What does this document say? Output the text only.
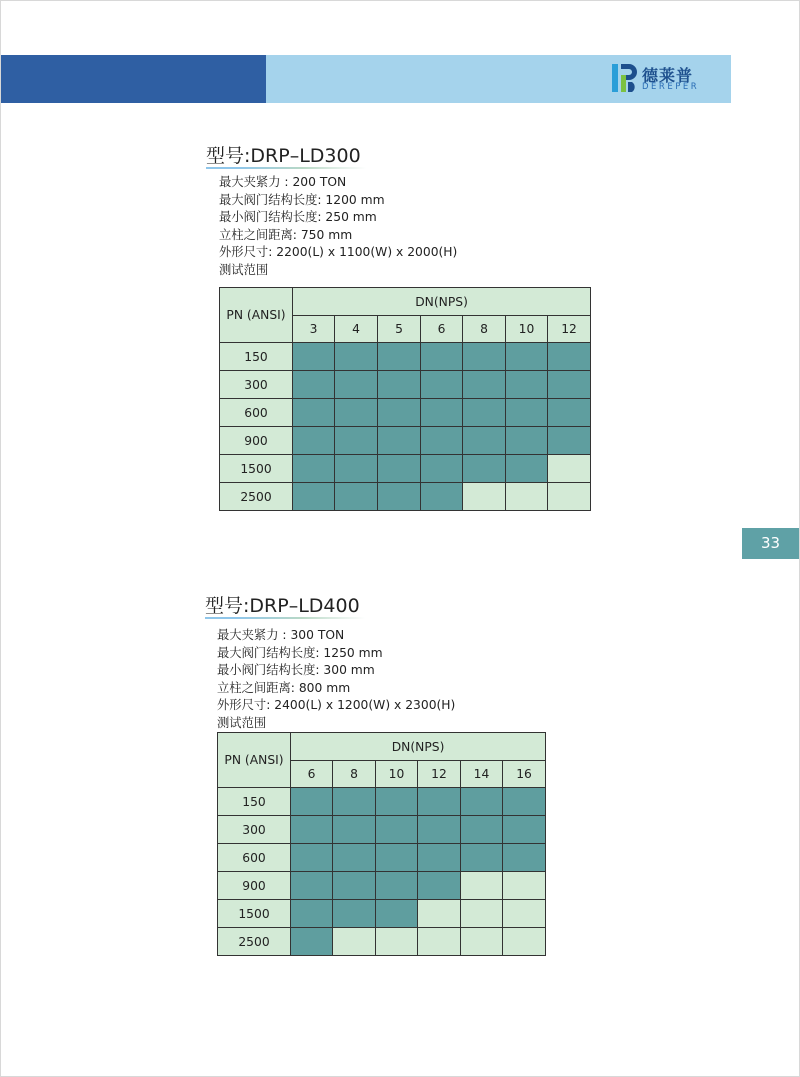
德莱普
DEREPER
33
型号:DRP–LD300
最大夹紧力 : 200 TON
最大阀门结构长度: 1200 mm
最小阀门结构长度: 250 mm
立柱之间距离: 750 mm
外形尺寸: 2200(L) x 1100(W) x 2000(H)
测试范围
PN (ANSI)	DN(NPS)						
	3	4	5	6	8	10	12
150							
300							
600							
900							
1500							
2500							
型号:DRP–LD400
最大夹紧力 : 300 TON
最大阀门结构长度: 1250 mm
最小阀门结构长度: 300 mm
立柱之间距离: 800 mm
外形尺寸: 2400(L) x 1200(W) x 2300(H)
测试范围
PN (ANSI)	DN(NPS)					
	6	8	10	12	14	16
150						
300						
600						
900						
1500						
2500						
